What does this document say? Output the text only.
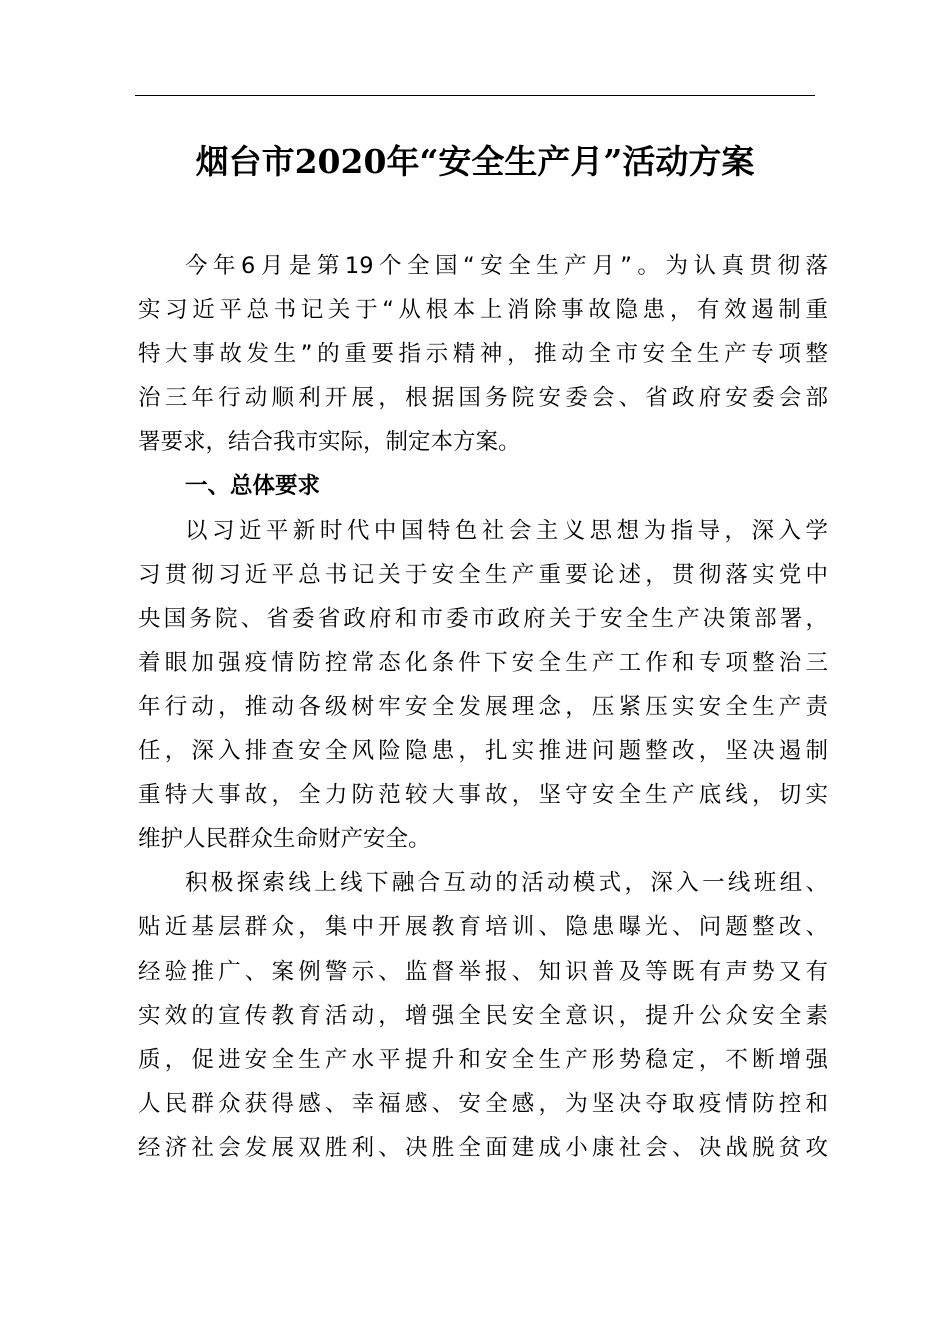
烟台市2020年“安全生产月”活动方案
今年6月是第19个全国“安全生产月”。为认真贯彻落
实习近平总书记关于“从根本上消除事故隐患，有效遏制重
特大事故发生”的重要指示精神，推动全市安全生产专项整
治三年行动顺利开展，根据国务院安委会、省政府安委会部
署要求，结合我市实际，制定本方案。
一、总体要求
以习近平新时代中国特色社会主义思想为指导，深入学
习贯彻习近平总书记关于安全生产重要论述，贯彻落实党中
央国务院、省委省政府和市委市政府关于安全生产决策部署，
着眼加强疫情防控常态化条件下安全生产工作和专项整治三
年行动，推动各级树牢安全发展理念，压紧压实安全生产责
任，深入排查安全风险隐患，扎实推进问题整改，坚决遏制
重特大事故，全力防范较大事故，坚守安全生产底线，切实
维护人民群众生命财产安全。
积极探索线上线下融合互动的活动模式，深入一线班组、
贴近基层群众，集中开展教育培训、隐患曝光、问题整改、
经验推广、案例警示、监督举报、知识普及等既有声势又有
实效的宣传教育活动，增强全民安全意识，提升公众安全素
质，促进安全生产水平提升和安全生产形势稳定，不断增强
人民群众获得感、幸福感、安全感，为坚决夺取疫情防控和
经济社会发展双胜利、决胜全面建成小康社会、决战脱贫攻
